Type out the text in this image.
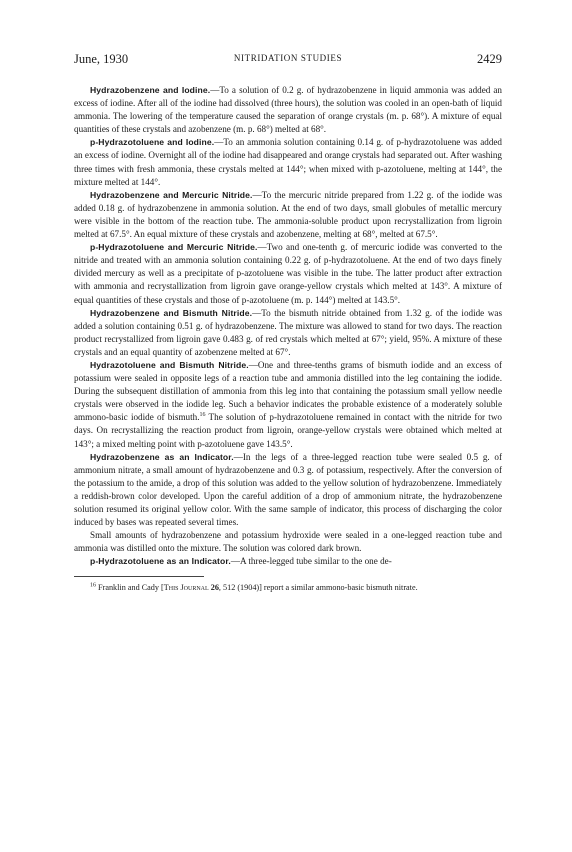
June, 1930	NITRIDATION STUDIES	2429

Hydrazobenzene and Iodine.—To a solution of 0.2 g. of hydrazobenzene in liquid ammonia was added an excess of iodine. After all of the iodine had dissolved (three hours), the solution was cooled in an open-bath of liquid ammonia. The lowering of the temperature caused the separation of orange crystals (m. p. 68°). A mixture of equal quantities of these crystals and azobenzene (m. p. 68°) melted at 68°.

p-Hydrazotoluene and Iodine.—To an ammonia solution containing 0.14 g. of p-hydrazotoluene was added an excess of iodine. Overnight all of the iodine had disappeared and orange crystals had separated out. After washing three times with fresh ammonia, these crystals melted at 144°; when mixed with p-azotoluene, melting at 144°, the mixture melted at 144°.

Hydrazobenzene and Mercuric Nitride.—To the mercuric nitride prepared from 1.22 g. of the iodide was added 0.18 g. of hydrazobenzene in ammonia solution. At the end of two days, small globules of metallic mercury were visible in the bottom of the reaction tube. The ammonia-soluble product upon recrystallization from ligroin melted at 67.5°. An equal mixture of these crystals and azobenzene, melting at 68°, melted at 67.5°.

p-Hydrazotoluene and Mercuric Nitride.—Two and one-tenth g. of mercuric iodide was converted to the nitride and treated with an ammonia solution containing 0.22 g. of p-hydrazotoluene. At the end of two days finely divided mercury as well as a precipitate of p-azotoluene was visible in the tube. The latter product after extraction with ammonia and recrystallization from ligroin gave orange-yellow crystals which melted at 143°. A mixture of equal quantities of these crystals and those of p-azotoluene (m. p. 144°) melted at 143.5°.

Hydrazobenzene and Bismuth Nitride.—To the bismuth nitride obtained from 1.32 g. of the iodide was added a solution containing 0.51 g. of hydrazobenzene. The mixture was allowed to stand for two days. The reaction product recrystallized from ligroin gave 0.483 g. of red crystals which melted at 67°; yield, 95%. A mixture of these crystals and an equal quantity of azobenzene melted at 67°.

Hydrazotoluene and Bismuth Nitride.—One and three-tenths grams of bismuth iodide and an excess of potassium were sealed in opposite legs of a reaction tube and ammonia distilled into the leg containing the iodide. During the subsequent distillation of ammonia from this leg into that containing the potassium small yellow needle crystals were observed in the iodide leg. Such a behavior indicates the probable existence of a moderately soluble ammono-basic iodide of bismuth.$^{16}$ The solution of p-hydrazotoluene remained in contact with the nitride for two days. On recrystallizing the reaction product from ligroin, orange-yellow crystals were obtained which melted at 143°; a mixed melting point with p-azotoluene gave 143.5°.

Hydrazobenzene as an Indicator.—In the legs of a three-legged reaction tube were sealed 0.5 g. of ammonium nitrate, a small amount of hydrazobenzene and 0.3 g. of potassium, respectively. After the conversion of the potassium to the amide, a drop of this solution was added to the yellow solution of hydrazobenzene. Immediately a reddish-brown color developed. Upon the careful addition of a drop of ammonium nitrate, the hydrazobenzene solution resumed its original yellow color. With the same sample of indicator, this process of discharging the color induced by bases was repeated several times.

Small amounts of hydrazobenzene and potassium hydroxide were sealed in a one-legged reaction tube and ammonia was distilled onto the mixture. The solution was colored dark brown.

p-Hydrazotoluene as an Indicator.—A three-legged tube similar to the one de-

$^{16}$ Franklin and Cady [This Journal 26, 512 (1904)] report a similar ammono-basic bismuth nitrate.
